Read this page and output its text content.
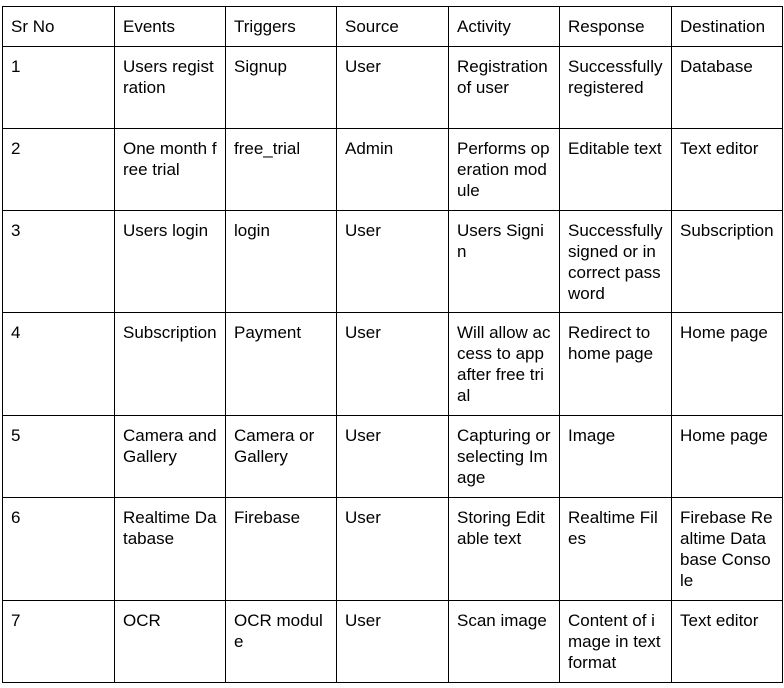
Sr No	Events	Triggers	Source	Activity	Response	Destination

1	Users registration	Signup	User	Registration of user	Successfully registered	Database

2	One month free trial	free_trial	Admin	Performs operation module	Editable text	Text editor

3	Users login	login	User	Users Signin	Successfully signed or incorrect password	Subscription

4	Subscription	Payment	User	Will allow access to app after free trial	Redirect to home page	Home page

5	Camera and Gallery	Camera or Gallery	User	Capturing or selecting Image	Image	Home page

6	Realtime Database	Firebase	User	Storing Editable text	Realtime Files	Firebase Realtime Database Console

7	OCR	OCR module	User	Scan image	Content of image in text format	Text editor
